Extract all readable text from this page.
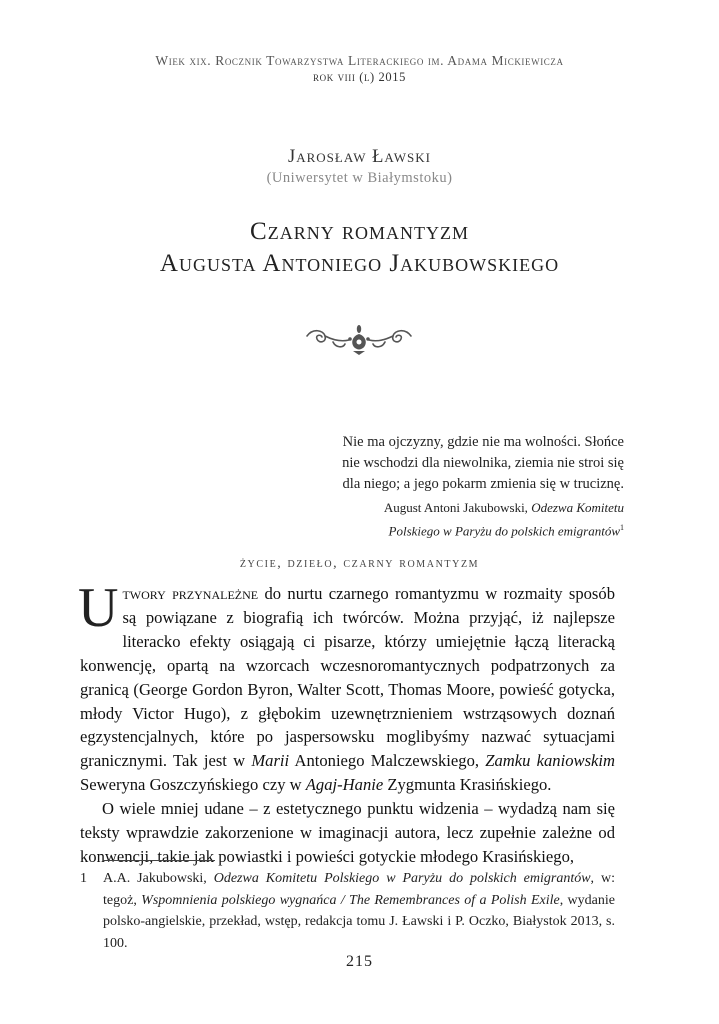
Wiek xix. Rocznik Towarzystwa Literackiego im. Adama Mickiewicza
rok viii (l) 2015
Jarosław Ławski
(Uniwersytet w Białymstoku)
Czarny romantyzm
Augusta Antoniego Jakubowskiego
Nie ma ojczyzny, gdzie nie ma wolności. Słońce
nie wschodzi dla niewolnika, ziemia nie stroi się
dla niego; a jego pokarm zmienia się w truciznę.
August Antoni Jakubowski, Odezwa Komitetu
Polskiego w Paryżu do polskich emigrantów$^1$
życie, dzieło, czarny romantyzm

Utwory przynależne do nurtu czarnego romantyzmu w rozmaity sposób są powiązane z biografią ich twórców. Można przyjąć, iż najlepsze literacko efekty osiągają ci pisarze, którzy umiejętnie łączą literacką konwencję, opartą na wzorcach wczesnoromantycznych podpatrzonych za granicą (George Gordon Byron, Walter Scott, Thomas Moore, powieść gotycka, młody Victor Hugo), z głębokim uzewnętrznieniem wstrząsowych doznań egzystencjalnych, które po jaspersowsku moglibyśmy nazwać sytuacjami granicznymi. Tak jest w Marii Antoniego Malczewskiego, Zamku kaniowskim Seweryna Goszczyńskiego czy w Agaj-Hanie Zygmunta Krasińskiego.

O wiele mniej udane – z estetycznego punktu widzenia – wydadzą nam się teksty wprawdzie zakorzenione w imaginacji autora, lecz zupełnie zależne od konwencji, takie jak powiastki i powieści gotyckie młodego Krasińskiego,

1 A.A. Jakubowski, Odezwa Komitetu Polskiego w Paryżu do polskich emigrantów, w: tegoż, Wspomnienia polskiego wygnańca / The Remembrances of a Polish Exile, wydanie polsko-angielskie, przekład, wstęp, redakcja tomu J. Ławski i P. Oczko, Białystok 2013, s. 100.
215
